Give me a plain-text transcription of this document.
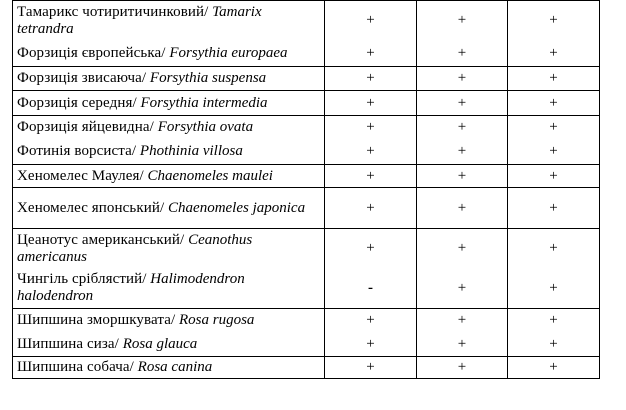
Тамарикс чотиритичинковий/ Tamarix tetrandra	+	+	+
Форзиція європейська/ Forsythia europaea	+	+	+
Форзиція звисаюча/ Forsythia suspensa	+	+	+
Форзиція середня/ Forsythia intermedia	+	+	+
Форзиція яйцевидна/ Forsythia ovata	+	+	+
Фотинія ворсиста/ Phothinia villosa	+	+	+
Хеномелес Маулея/ Chaenomeles maulei	+	+	+
Хеномелес японський/ Chaenomeles japonica	+	+	+
Цеанотус американський/ Ceanothus americanus	+	+	+
Чингіль сріблястий/ Halimodendron halodendron	-	+	+
Шипшина зморшкувата/ Rosa rugosa	+	+	+
Шипшина сиза/ Rosa glauca	+	+	+
Шипшина собача/ Rosa canina	+	+	+
